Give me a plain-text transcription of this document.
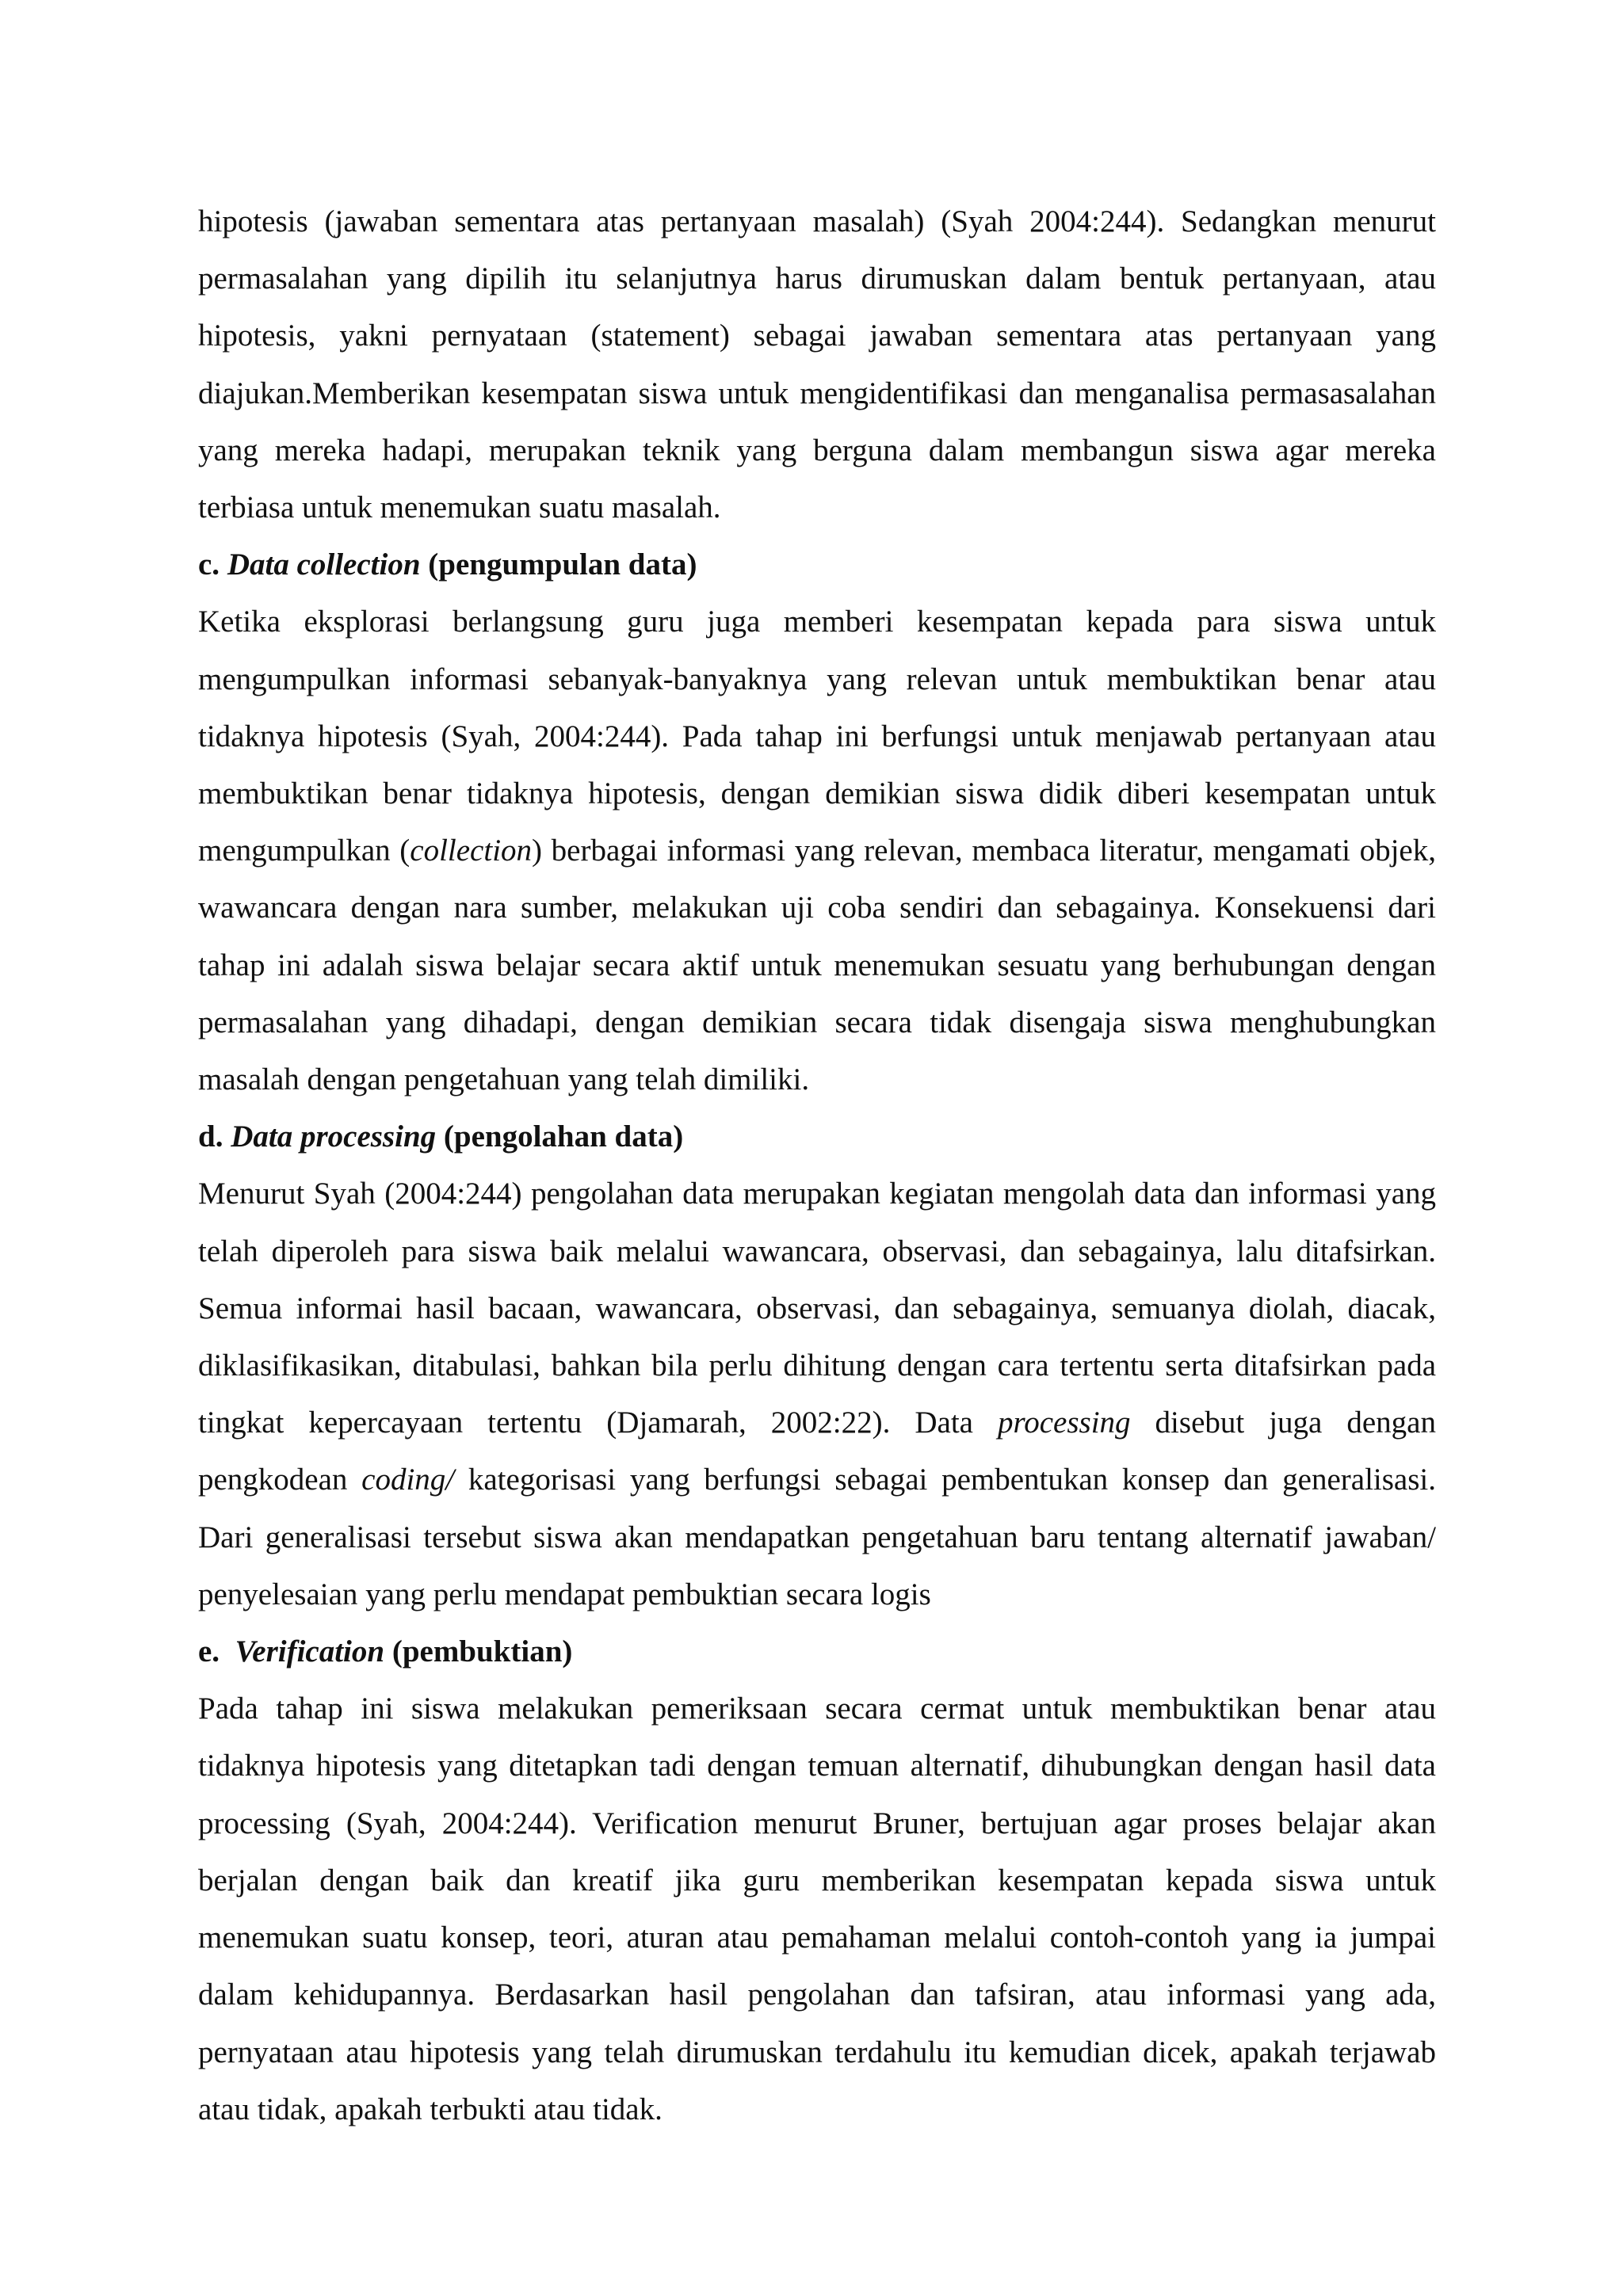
hipotesis (jawaban sementara atas pertanyaan masalah) (Syah 2004:244). Sedangkan menurut permasalahan yang dipilih itu selanjutnya harus dirumuskan dalam bentuk pertanyaan, atau hipotesis, yakni pernyataan (statement) sebagai jawaban sementara atas pertanyaan yang diajukan.Memberikan kesempatan siswa untuk mengidentifikasi dan menganalisa permasasalahan yang mereka hadapi, merupakan teknik yang berguna dalam membangun siswa agar mereka terbiasa untuk menemukan suatu masalah.

c. Data collection (pengumpulan data)

Ketika eksplorasi berlangsung guru juga memberi kesempatan kepada para siswa untuk mengumpulkan informasi sebanyak-banyaknya yang relevan untuk membuktikan benar atau tidaknya hipotesis (Syah, 2004:244). Pada tahap ini berfungsi untuk menjawab pertanyaan atau membuktikan benar tidaknya hipotesis, dengan demikian siswa didik diberi kesempatan untuk mengumpulkan (collection) berbagai informasi yang relevan, membaca literatur, mengamati objek, wawancara dengan nara sumber, melakukan uji coba sendiri dan sebagainya. Konsekuensi dari tahap ini adalah siswa belajar secara aktif untuk menemukan sesuatu yang berhubungan dengan permasalahan yang dihadapi, dengan demikian secara tidak disengaja siswa menghubungkan masalah dengan pengetahuan yang telah dimiliki.

d. Data processing (pengolahan data)

Menurut Syah (2004:244) pengolahan data merupakan kegiatan mengolah data dan informasi yang telah diperoleh para siswa baik melalui wawancara, observasi, dan sebagainya, lalu ditafsirkan. Semua informai hasil bacaan, wawancara, observasi, dan sebagainya, semuanya diolah, diacak, diklasifikasikan, ditabulasi, bahkan bila perlu dihitung dengan cara tertentu serta ditafsirkan pada tingkat kepercayaan tertentu (Djamarah, 2002:22). Data processing disebut juga dengan pengkodean coding/ kategorisasi yang berfungsi sebagai pembentukan konsep dan generalisasi. Dari generalisasi tersebut siswa akan mendapatkan pengetahuan baru tentang alternatif jawaban/ penyelesaian yang perlu mendapat pembuktian secara logis

e. Verification (pembuktian)

Pada tahap ini siswa melakukan pemeriksaan secara cermat untuk membuktikan benar atau tidaknya hipotesis yang ditetapkan tadi dengan temuan alternatif, dihubungkan dengan hasil data processing (Syah, 2004:244). Verification menurut Bruner, bertujuan agar proses belajar akan berjalan dengan baik dan kreatif jika guru memberikan kesempatan kepada siswa untuk menemukan suatu konsep, teori, aturan atau pemahaman melalui contoh-contoh yang ia jumpai dalam kehidupannya. Berdasarkan hasil pengolahan dan tafsiran, atau informasi yang ada, pernyataan atau hipotesis yang telah dirumuskan terdahulu itu kemudian dicek, apakah terjawab atau tidak, apakah terbukti atau tidak.
